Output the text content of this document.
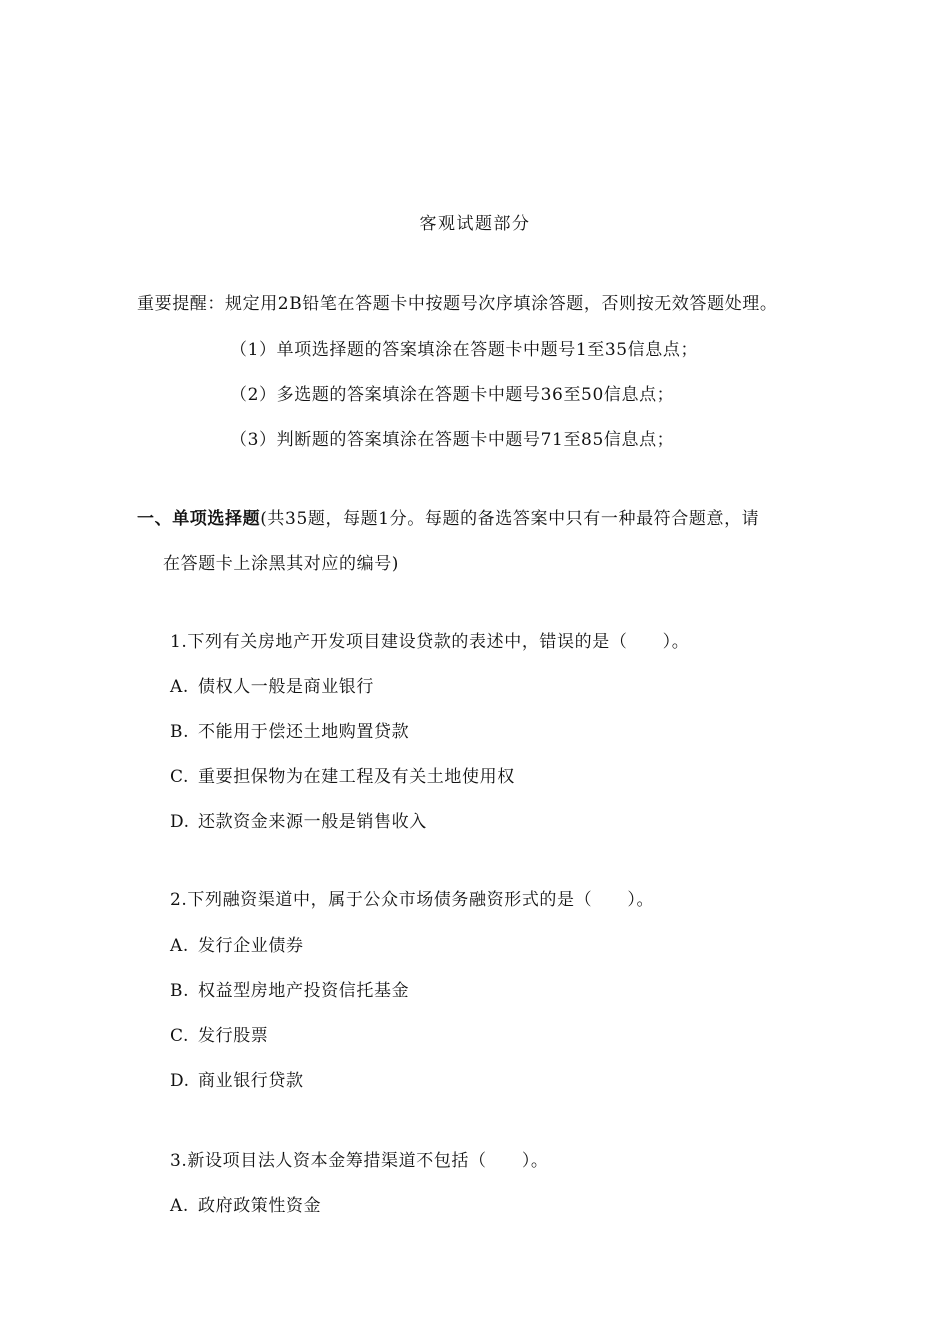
客观试题部分
重要提醒：规定用2B铅笔在答题卡中按题号次序填涂答题，否则按无效答题处理。
（1）单项选择题的答案填涂在答题卡中题号1至35信息点；
（2）多选题的答案填涂在答题卡中题号36至50信息点；
（3）判断题的答案填涂在答题卡中题号71至85信息点；
一、单项选择题(共35题，每题1分。每题的备选答案中只有一种最符合题意，请
在答题卡上涂黑其对应的编号)
1.下列有关房地产开发项目建设贷款的表述中，错误的是（　　）。
A. 债权人一般是商业银行
B. 不能用于偿还土地购置贷款
C. 重要担保物为在建工程及有关土地使用权
D. 还款资金来源一般是销售收入
2.下列融资渠道中，属于公众市场债务融资形式的是（　　）。
A. 发行企业债券
B. 权益型房地产投资信托基金
C. 发行股票
D. 商业银行贷款
3.新设项目法人资本金筹措渠道不包括（　　）。
A. 政府政策性资金
